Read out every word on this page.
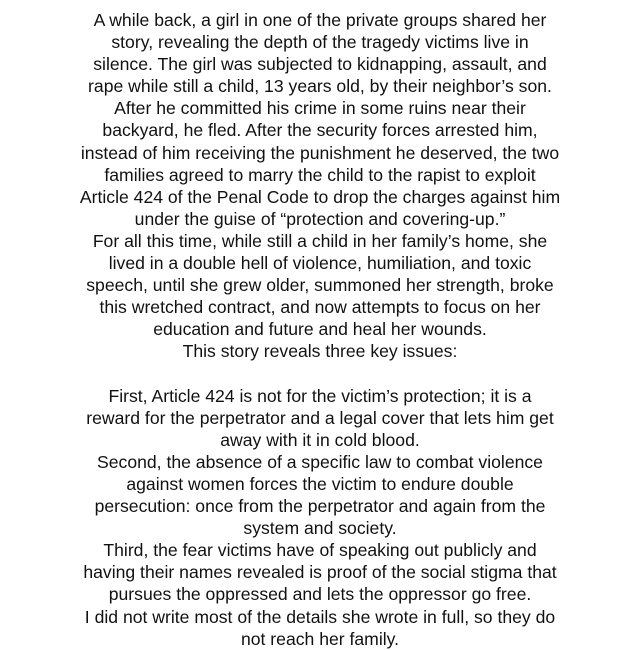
A while back, a girl in one of the private groups shared her
story, revealing the depth of the tragedy victims live in
silence. The girl was subjected to kidnapping, assault, and
rape while still a child, 13 years old, by their neighbor’s son.
After he committed his crime in some ruins near their
backyard, he fled. After the security forces arrested him,
instead of him receiving the punishment he deserved, the two
families agreed to marry the child to the rapist to exploit
Article 424 of the Penal Code to drop the charges against him
under the guise of “protection and covering-up.”
For all this time, while still a child in her family’s home, she
lived in a double hell of violence, humiliation, and toxic
speech, until she grew older, summoned her strength, broke
this wretched contract, and now attempts to focus on her
education and future and heal her wounds.
This story reveals three key issues:
First, Article 424 is not for the victim’s protection; it is a
reward for the perpetrator and a legal cover that lets him get
away with it in cold blood.
Second, the absence of a specific law to combat violence
against women forces the victim to endure double
persecution: once from the perpetrator and again from the
system and society.
Third, the fear victims have of speaking out publicly and
having their names revealed is proof of the social stigma that
pursues the oppressed and lets the oppressor go free.
I did not write most of the details she wrote in full, so they do
not reach her family.
